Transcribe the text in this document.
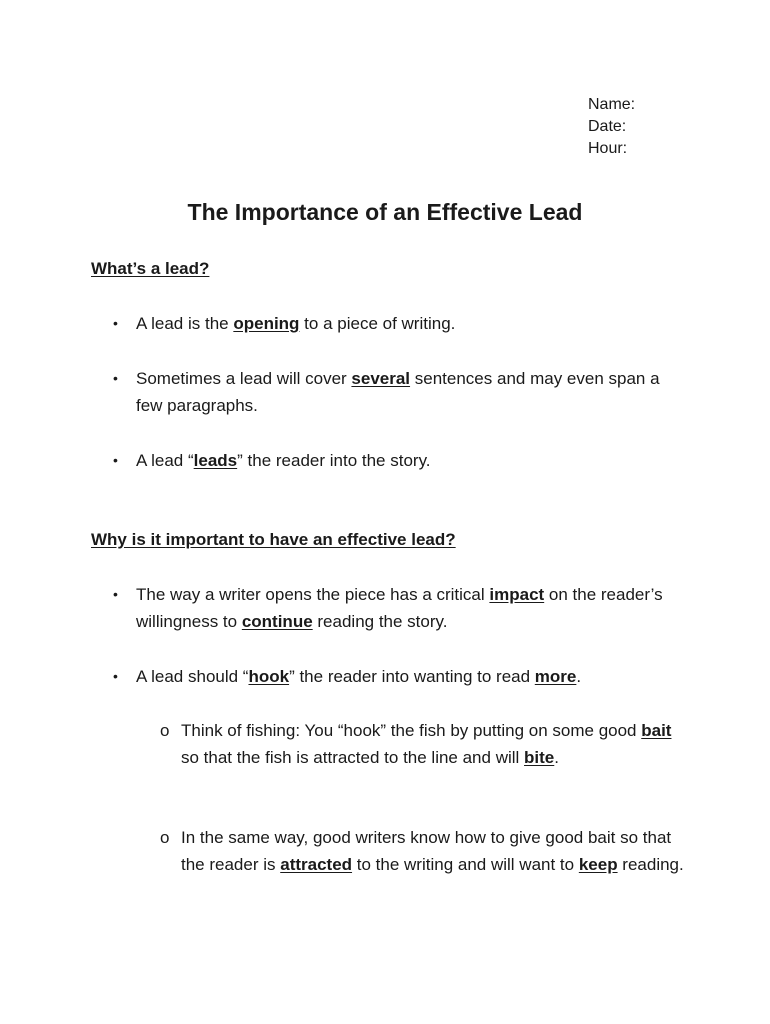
Name:
Date:
Hour:
The Importance of an Effective Lead
What’s a lead?
• A lead is the opening to a piece of writing.
• Sometimes a lead will cover several sentences and may even span a few paragraphs.
• A lead “leads” the reader into the story.
Why is it important to have an effective lead?
• The way a writer opens the piece has a critical impact on the reader’s willingness to continue reading the story.
• A lead should “hook” the reader into wanting to read more.
o Think of fishing: You “hook” the fish by putting on some good bait so that the fish is attracted to the line and will bite.
o In the same way, good writers know how to give good bait so that the reader is attracted to the writing and will want to keep reading.
